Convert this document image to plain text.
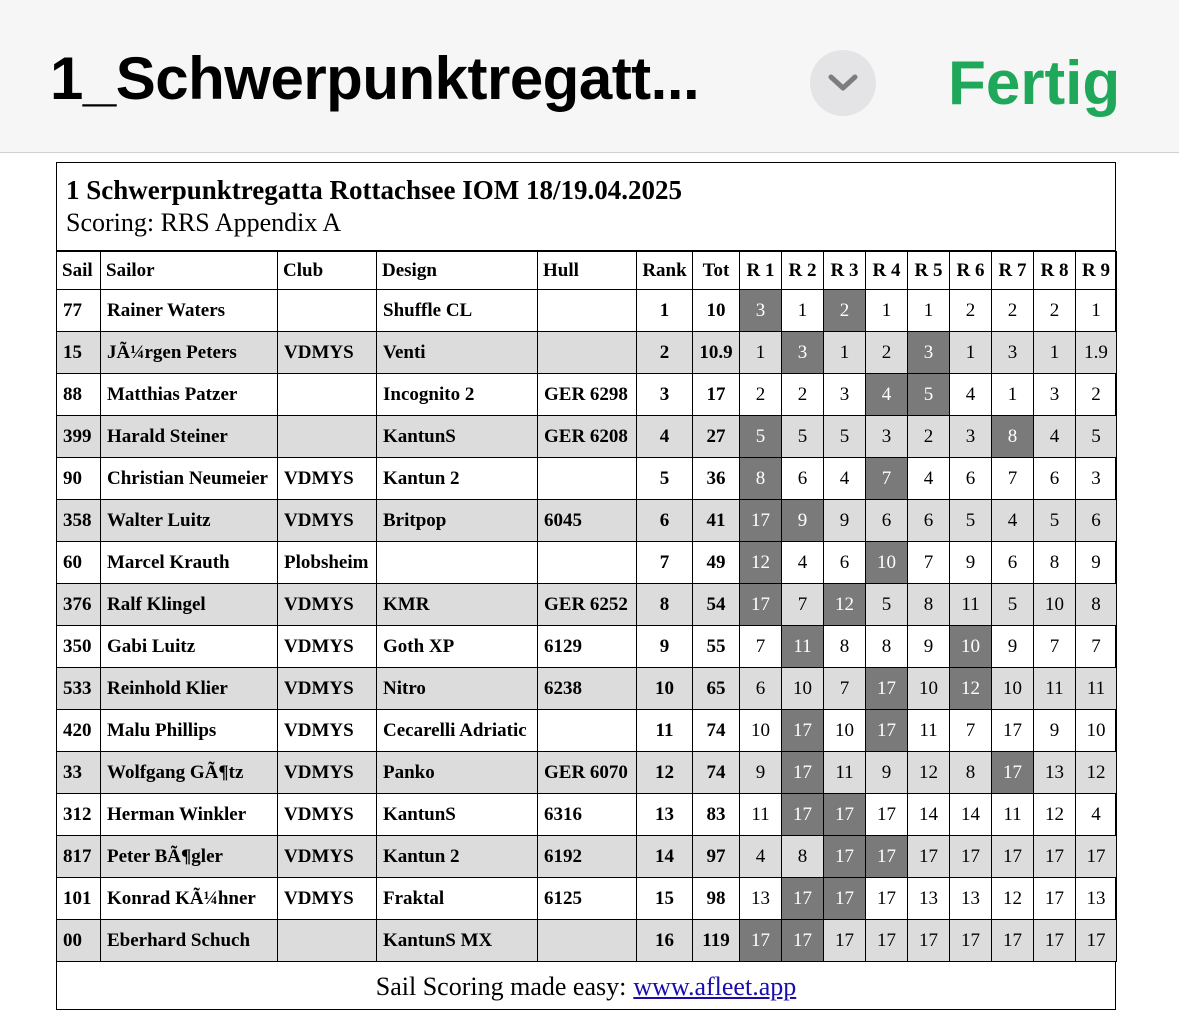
1_Schwerpunktregatt...	Fertig
1 Schwerpunktregatta Rottachsee IOM 18/19.04.2025
Scoring: RRS Appendix A
Sail	Sailor	Club	Design	Hull	Rank	Tot	R 1	R 2	R 3	R 4	R 5	R 6	R 7	R 8	R 9
77	Rainer Waters		Shuffle CL		1	10	3	1	2	1	1	2	2	2	1
15	JÃ¼rgen Peters	VDMYS	Venti		2	10.9	1	3	1	2	3	1	3	1	1.9
88	Matthias Patzer		Incognito 2	GER 6298	3	17	2	2	3	4	5	4	1	3	2
399	Harald Steiner		KantunS	GER 6208	4	27	5	5	5	3	2	3	8	4	5
90	Christian Neumeier	VDMYS	Kantun 2		5	36	8	6	4	7	4	6	7	6	3
358	Walter Luitz	VDMYS	Britpop	6045	6	41	17	9	9	6	6	5	4	5	6
60	Marcel Krauth	Plobsheim			7	49	12	4	6	10	7	9	6	8	9
376	Ralf Klingel	VDMYS	KMR	GER 6252	8	54	17	7	12	5	8	11	5	10	8
350	Gabi Luitz	VDMYS	Goth XP	6129	9	55	7	11	8	8	9	10	9	7	7
533	Reinhold Klier	VDMYS	Nitro	6238	10	65	6	10	7	17	10	12	10	11	11
420	Malu Phillips	VDMYS	Cecarelli Adriatic		11	74	10	17	10	17	11	7	17	9	10
33	Wolfgang GÃ¶tz	VDMYS	Panko	GER 6070	12	74	9	17	11	9	12	8	17	13	12
312	Herman Winkler	VDMYS	KantunS	6316	13	83	11	17	17	17	14	14	11	12	4
817	Peter BÃ¶gler	VDMYS	Kantun 2	6192	14	97	4	8	17	17	17	17	17	17	17
101	Konrad KÃ¼hner	VDMYS	Fraktal	6125	15	98	13	17	17	17	13	13	12	17	13
00	Eberhard Schuch		KantunS MX		16	119	17	17	17	17	17	17	17	17	17
Sail Scoring made easy: www.afleet.app
